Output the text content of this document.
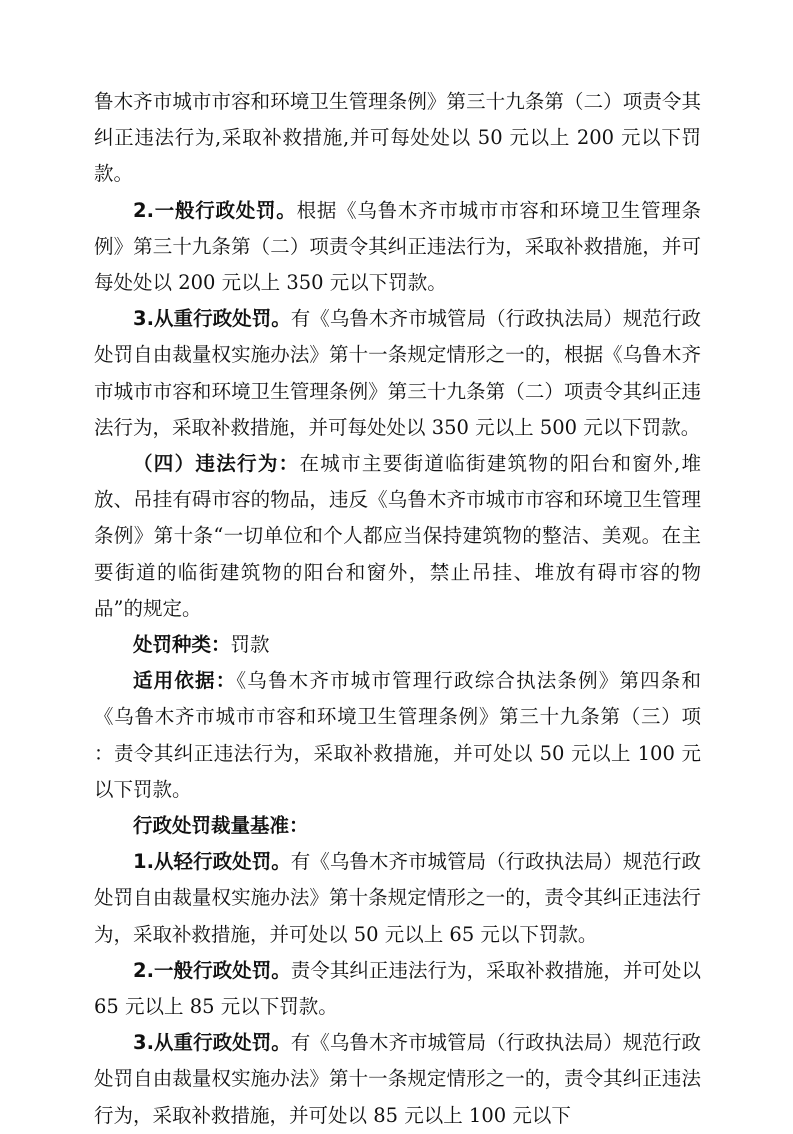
鲁木齐市城市市容和环境卫生管理条例》第三十九条第（二）项责令其纠正违法行为,采取补救措施,并可每处处以 50 元以上 200 元以下罚款。

2.一般行政处罚。根据《乌鲁木齐市城市市容和环境卫生管理条例》第三十九条第（二）项责令其纠正违法行为，采取补救措施，并可每处处以 200 元以上 350 元以下罚款。

3.从重行政处罚。有《乌鲁木齐市城管局（行政执法局）规范行政处罚自由裁量权实施办法》第十一条规定情形之一的，根据《乌鲁木齐市城市市容和环境卫生管理条例》第三十九条第（二）项责令其纠正违法行为，采取补救措施，并可每处处以 350 元以上 500 元以下罚款。

（四）违法行为：在城市主要街道临街建筑物的阳台和窗外,堆放、吊挂有碍市容的物品，违反《乌鲁木齐市城市市容和环境卫生管理条例》第十条“一切单位和个人都应当保持建筑物的整洁、美观。在主要街道的临街建筑物的阳台和窗外，禁止吊挂、堆放有碍市容的物品”的规定。

处罚种类：罚款

适用依据：《乌鲁木齐市城市管理行政综合执法条例》第四条和《乌鲁木齐市城市市容和环境卫生管理条例》第三十九条第（三）项 ：责令其纠正违法行为，采取补救措施，并可处以 50 元以上 100 元以下罚款。

行政处罚裁量基准：

1.从轻行政处罚。有《乌鲁木齐市城管局（行政执法局）规范行政处罚自由裁量权实施办法》第十条规定情形之一的，责令其纠正违法行为，采取补救措施，并可处以 50 元以上 65 元以下罚款。

2.一般行政处罚。责令其纠正违法行为，采取补救措施，并可处以 65 元以上 85 元以下罚款。

3.从重行政处罚。有《乌鲁木齐市城管局（行政执法局）规范行政处罚自由裁量权实施办法》第十一条规定情形之一的，责令其纠正违法行为，采取补救措施，并可处以 85 元以上 100 元以下
